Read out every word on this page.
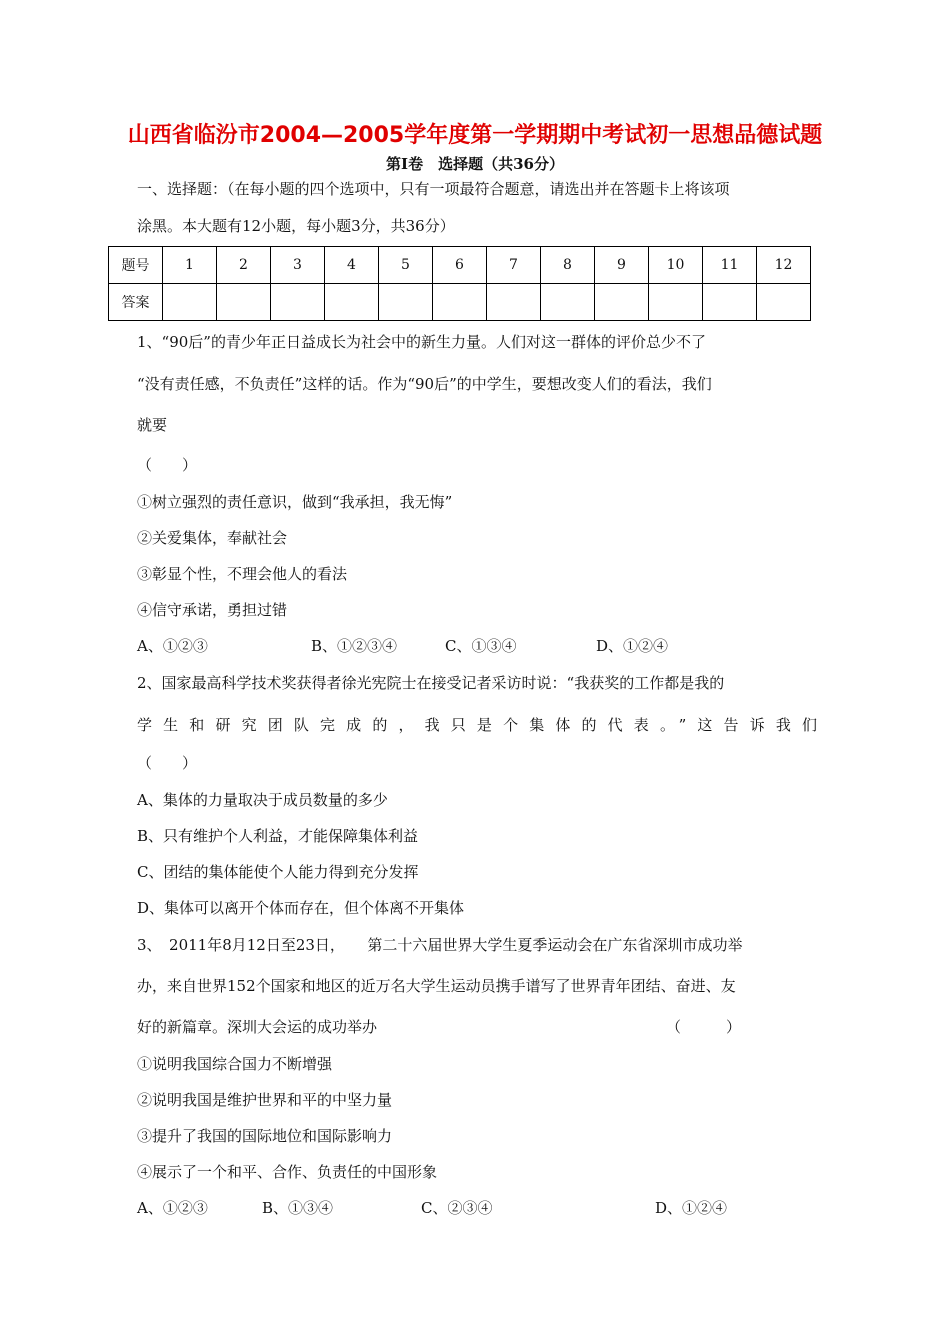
山西省临汾市2004—2005学年度第一学期期中考试初一思想品德试题
第Ⅰ卷　选择题（共36分）
一、选择题：（在每小题的四个选项中，只有一项最符合题意，请选出并在答题卡上将该项
涂黑。本大题有12小题，每小题3分，共36分）
题号	1	2	3	4	5	6	7	8	9	10	11	12
答案												
1、“90后”的青少年正日益成长为社会中的新生力量。人们对这一群体的评价总少不了
“没有责任感，不负责任”这样的话。作为“90后”的中学生，要想改变人们的看法，我们
就要
（　　）
①树立强烈的责任意识，做到“我承担，我无悔”
②关爱集体，奉献社会
③彰显个性，不理会他人的看法
④信守承诺，勇担过错
A、①②③	B、①②③④	C、①③④	D、①②④
2、国家最高科学技术奖获得者徐光宪院士在接受记者采访时说：“我获奖的工作都是我的
学生和研究团队完成的，我只是个集体的代表。”这告诉我们
（　　）
A、集体的力量取决于成员数量的多少
B、只有维护个人利益，才能保障集体利益
C、团结的集体能使个人能力得到充分发挥
D、集体可以离开个体而存在，但个体离不开集体
3、　2011年8月12日至23日，　　第二十六届世界大学生夏季运动会在广东省深圳市成功举
办，来自世界152个国家和地区的近万名大学生运动员携手谱写了世界青年团结、奋进、友
好的新篇章。深圳大会运的成功举办	（　　　）
①说明我国综合国力不断增强
②说明我国是维护世界和平的中坚力量
③提升了我国的国际地位和国际影响力
④展示了一个和平、合作、负责任的中国形象
A、①②③	B、①③④	C、②③④	D、①②④
